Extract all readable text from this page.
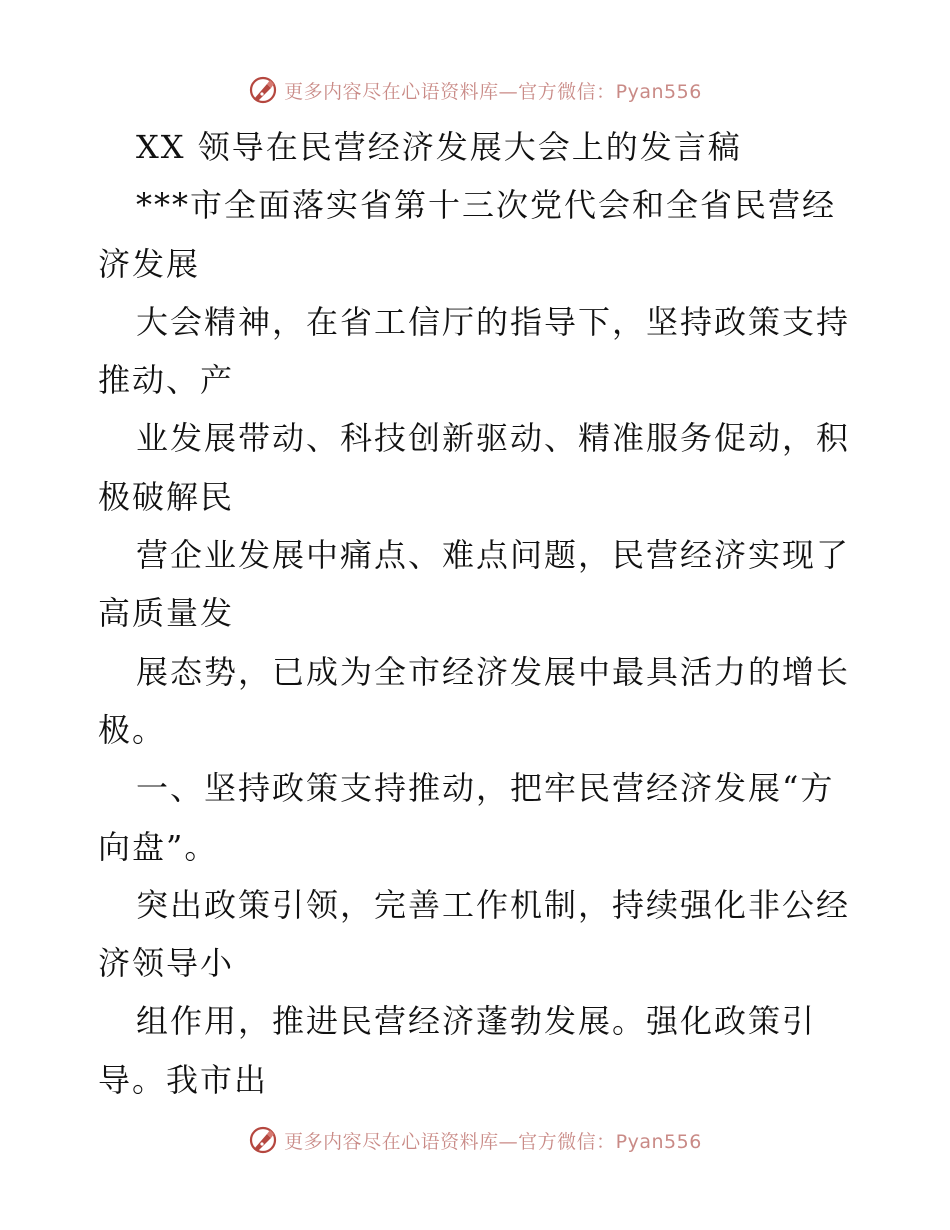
更多内容尽在心语资料库—官方微信：Pyan556
XX 领导在民营经济发展大会上的发言稿
***市全面落实省第十三次党代会和全省民营经
济发展
大会精神，在省工信厅的指导下，坚持政策支持
推动、产
业发展带动、科技创新驱动、精准服务促动，积
极破解民
营企业发展中痛点、难点问题，民营经济实现了
高质量发
展态势，已成为全市经济发展中最具活力的增长
极。
一、坚持政策支持推动，把牢民营经济发展“方
向盘”。
突出政策引领，完善工作机制，持续强化非公经
济领导小
组作用，推进民营经济蓬勃发展。强化政策引
导。我市出
更多内容尽在心语资料库—官方微信：Pyan556
